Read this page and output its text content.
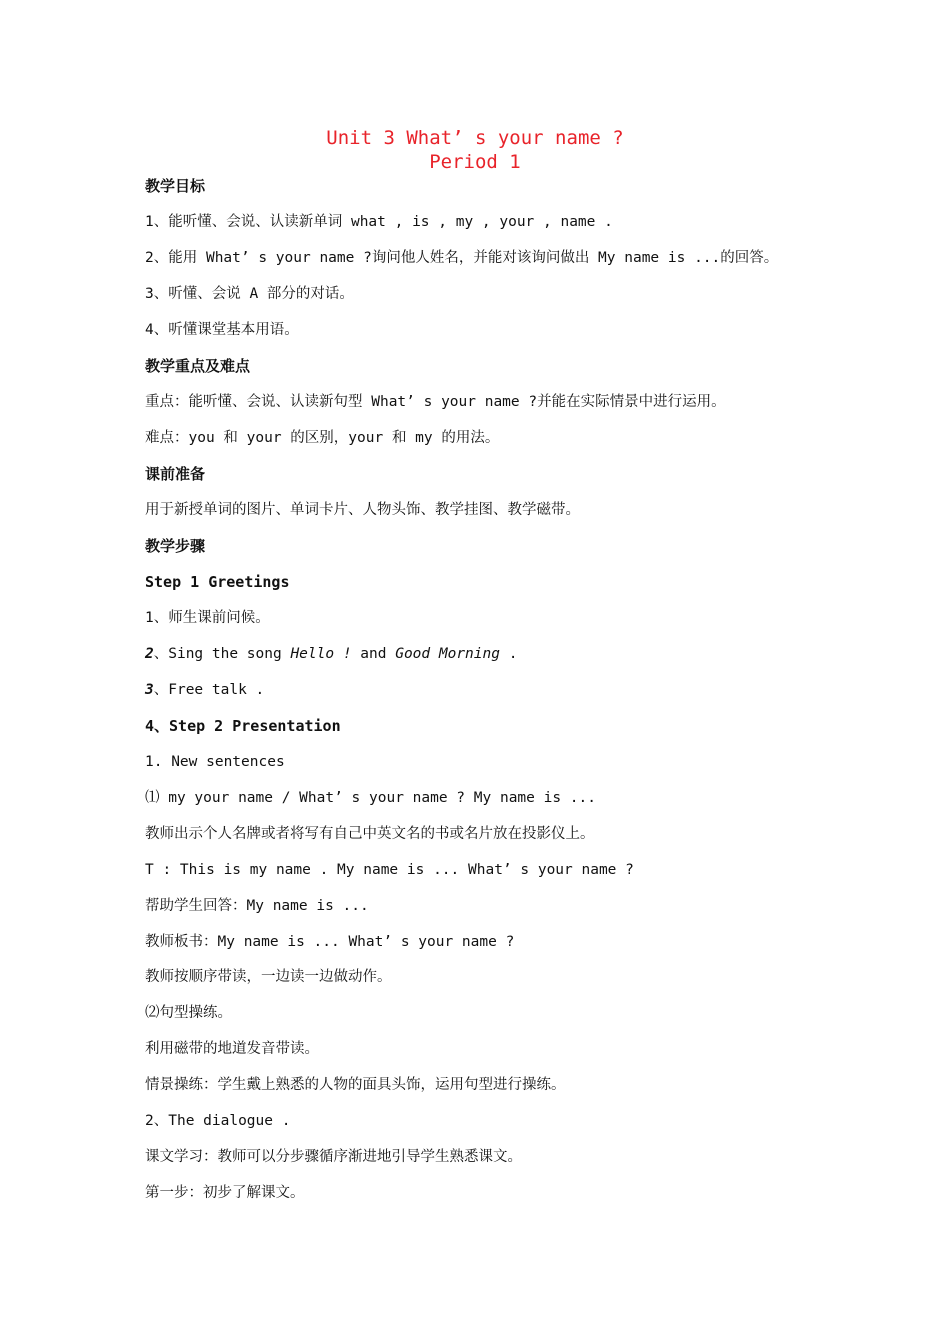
Unit 3 What’ s your name ?
Period 1

教学目标

1、能听懂、会说、认读新单词 what , is , my , your , name .

2、能用 What’ s your name ?询问他人姓名，并能对该询问做出 My name is ...的回答。

3、听懂、会说 A 部分的对话。

4、听懂课堂基本用语。

教学重点及难点

重点：能听懂、会说、认读新句型 What’ s your name ?并能在实际情景中进行运用。

难点：you 和 your 的区别，your 和 my 的用法。

课前准备

用于新授单词的图片、单词卡片、人物头饰、教学挂图、教学磁带。

教学步骤

Step 1 Greetings

1、师生课前问候。

2、Sing the song Hello ! and Good Morning .

3、Free talk .

4、Step 2 Presentation

1. New sentences

⑴ my your name / What’ s your name ? My name is ...

教师出示个人名牌或者将写有自己中英文名的书或名片放在投影仪上。

T : This is my name . My name is ... What’ s your name ?

帮助学生回答：My name is ...

教师板书：My name is ... What’ s your name ?

教师按顺序带读，一边读一边做动作。

⑵句型操练。

利用磁带的地道发音带读。

情景操练：学生戴上熟悉的人物的面具头饰，运用句型进行操练。

2、The dialogue .

课文学习：教师可以分步骤循序渐进地引导学生熟悉课文。

第一步：初步了解课文。
